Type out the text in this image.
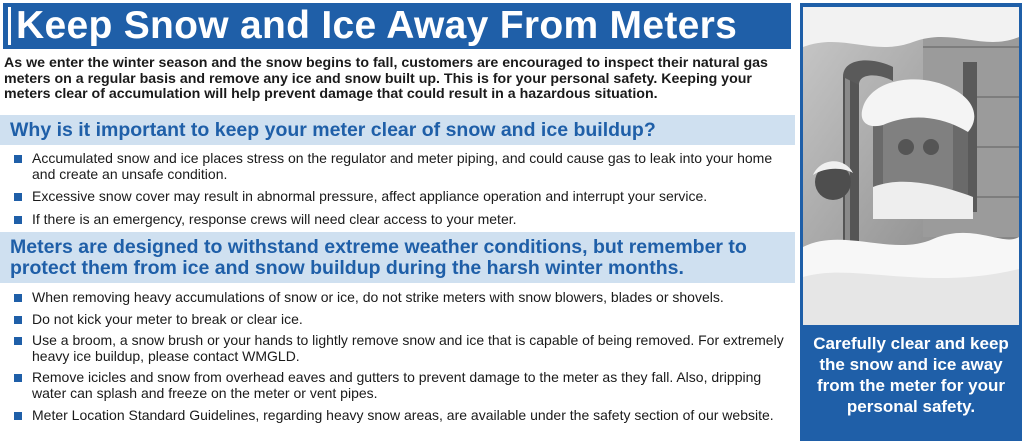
Keep Snow and Ice Away From Meters

As we enter the winter season and the snow begins to fall, customers are encouraged to inspect their natural gas meters on a regular basis and remove any ice and snow built up. This is for your personal safety. Keeping your meters clear of accumulation will help prevent damage that could result in a hazardous situation.

Why is it important to keep your meter clear of snow and ice buildup?
Accumulated snow and ice places stress on the regulator and meter piping, and could cause gas to leak into your home and create an unsafe condition.
Excessive snow cover may result in abnormal pressure, affect appliance operation and interrupt your service.
If there is an emergency, response crews will need clear access to your meter.
Meters are designed to withstand extreme weather conditions, but remember to protect them from ice and snow buildup during the harsh winter months.
When removing heavy accumulations of snow or ice, do not strike meters with snow blowers, blades or shovels.
Do not kick your meter to break or clear ice.
Use a broom, a snow brush or your hands to lightly remove snow and ice that is capable of being removed. For extremely heavy ice buildup, please contact WMGLD.
Remove icicles and snow from overhead eaves and gutters to prevent damage to the meter as they fall. Also, dripping water can splash and freeze on the meter or vent pipes.
Meter Location Standard Guidelines, regarding heavy snow areas, are available under the safety section of our website.
Carefully clear and keep the snow and ice away from the meter for your personal safety.
